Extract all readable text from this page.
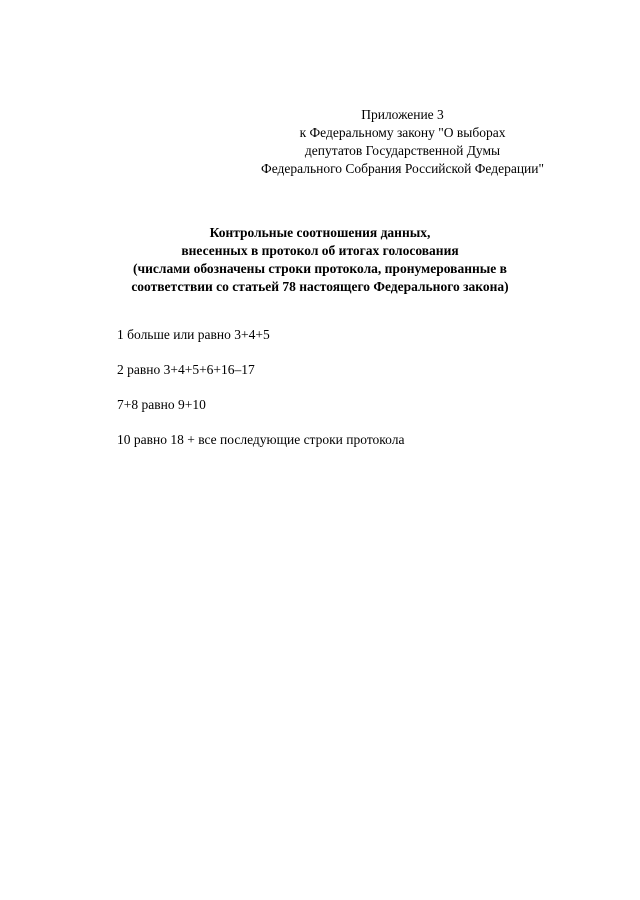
Приложение 3
к Федеральному закону "О выборах
депутатов Государственной Думы
Федерального Собрания Российской Федерации"
Контрольные соотношения данных,
внесенных в протокол об итогах голосования
(числами обозначены строки протокола, пронумерованные в
соответствии со статьей 78 настоящего Федерального закона)
1 больше или равно 3+4+5
2 равно 3+4+5+6+16–17
7+8 равно 9+10
10 равно 18 + все последующие строки протокола
